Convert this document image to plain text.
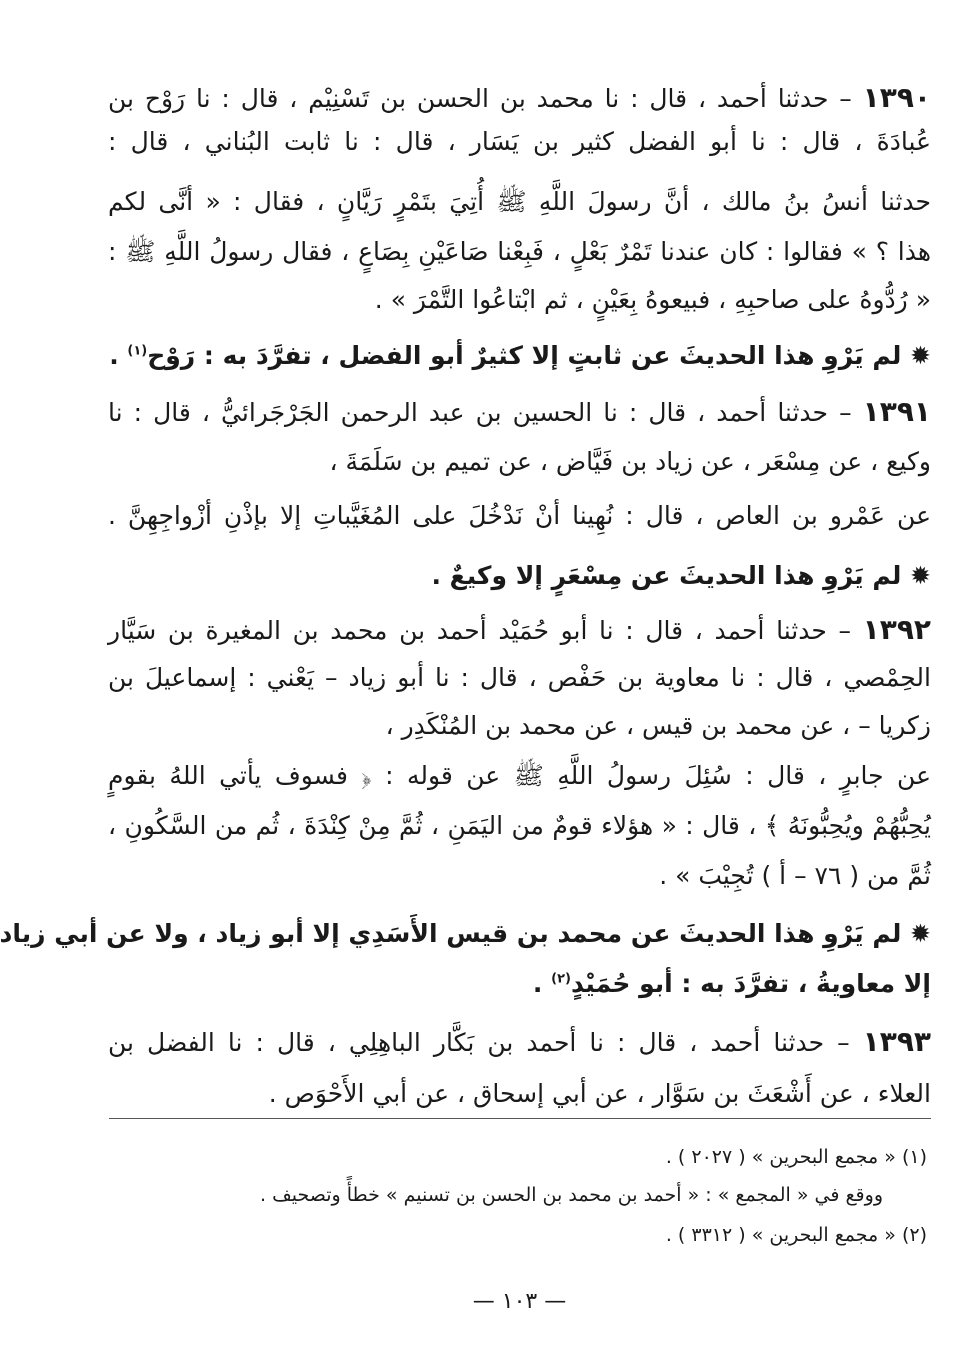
١٣٩٠ – حدثنا أحمد ، قال : نا محمد بن الحسن بن تَسْنِيْم ، قال : نا رَوْح بن
عُبادَةَ ، قال : نا أبو الفضل كثير بن يَسَار ، قال : نا ثابت البُناني ، قال :
حدثنا أنسُ بنُ مالك ، أنَّ رسولَ اللَّهِ ﷺ أُتِيَ بتَمْرٍ رَيَّانٍ ، فقال : « أنَّى لكم
هذا ؟ » فقالوا : كان عندنا تَمْرٌ بَعْلٍ ، فَبِعْنا صَاعَيْنِ بِصَاعٍ ، فقال رسولُ اللَّهِ ﷺ :
« رُدُّوهُ على صاحبِهِ ، فبيعوهُ بِعَيْنٍ ، ثم ابْتاعُوا التَّمْرَ » .
✹ لم يَرْوِ هذا الحديثَ عن ثابتٍ إلا كثيرٌ أبو الفضل ، تفرَّدَ به : رَوْح$^{(١)}$ .
١٣٩١ – حدثنا أحمد ، قال : نا الحسين بن عبد الرحمن الجَرْجَرائيُّ ، قال : نا
وكيع ، عن مِسْعَر ، عن زياد بن فَيَّاض ، عن تميم بن سَلَمَةَ ،
عن عَمْرو بن العاص ، قال : نُهِينا أنْ نَدْخُلَ على المُغَيَّباتِ إلا بإذْنِ أزْواجِهِنَّ .
✹ لم يَرْوِ هذا الحديثَ عن مِسْعَرٍ إلا وكيعٌ .
١٣٩٢ – حدثنا أحمد ، قال : نا أبو حُمَيْد أحمد بن محمد بن المغيرة بن سَيَّار
الحِمْصي ، قال : نا معاوية بن حَفْص ، قال : نا أبو زياد – يَعْني : إسماعيلَ بن
زكريا – ، عن محمد بن قيس ، عن محمد بن المُنْكَدِر ،
عن جابرٍ ، قال : سُئِلَ رسولُ اللَّهِ ﷺ عن قوله : ﴿ فسوف يأتي اللهُ بقومٍ
يُحِبُّهُمْ ويُحِبُّونَهُ ﴾ ، قال : « هؤلاء قومٌ من اليَمَنِ ، ثُمَّ مِنْ كِنْدَةَ ، ثُم من السَّكُونِ ،
ثُمَّ من ( ٧٦ – أ ) تُجِيْبَ » .
✹ لم يَرْوِ هذا الحديثَ عن محمد بن قيس الأَسَدِي إلا أبو زياد ، ولا عن أبي زياد
إلا معاويةُ ، تفرَّدَ به : أبو حُمَيْدٍ$^{(٢)}$ .
١٣٩٣ – حدثنا أحمد ، قال : نا أحمد بن بَكَّار الباهِلِي ، قال : نا الفضل بن
العلاء ، عن أَشْعَثَ بن سَوَّار ، عن أبي إسحاق ، عن أبي الأَحْوَص .
(١) « مجمع البحرين » ( ٢٠٢٧ ) .
ووقع في « المجمع » : « أحمد بن محمد بن الحسن بن تسنيم » خطأً وتصحيف .
(٢) « مجمع البحرين » ( ٣٣١٢ ) .
— ١٠٣ —
